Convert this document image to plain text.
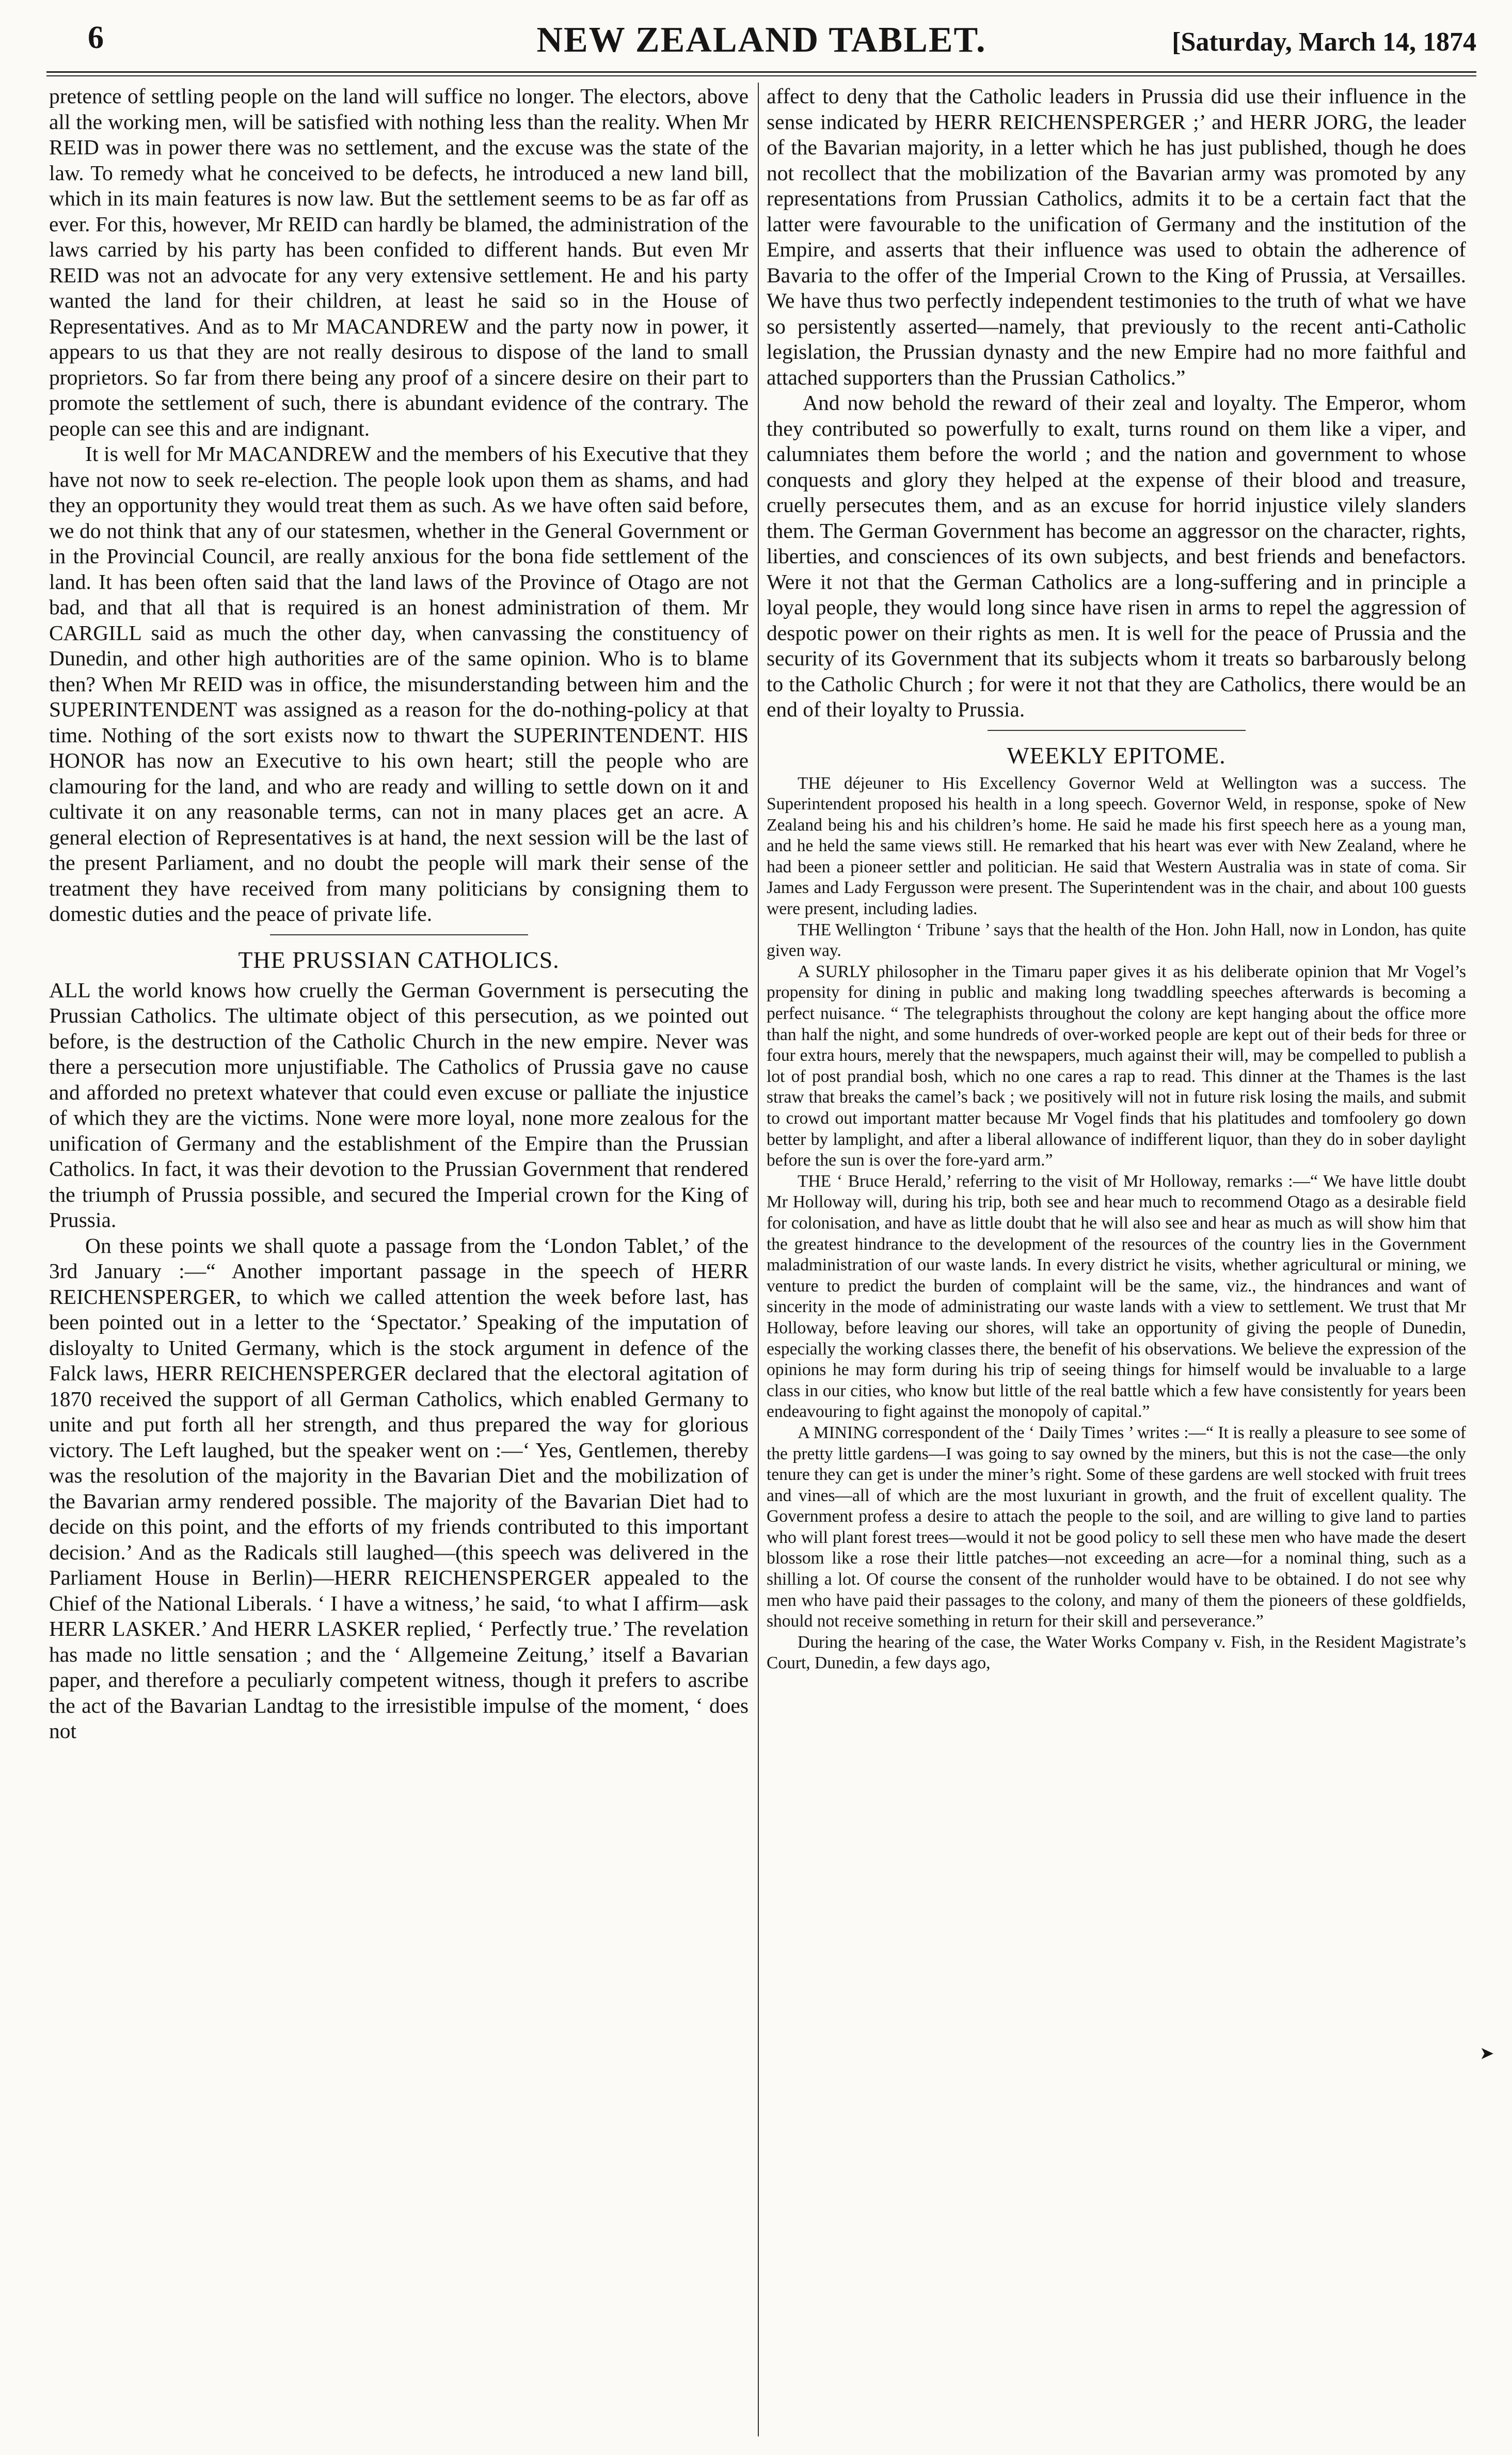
6	NEW ZEALAND TABLET.	[Saturday, March 14, 1874

pretence of settling people on the land will suffice no longer. The electors, above all the working men, will be satisfied with nothing less than the reality. When Mr REID was in power there was no settlement, and the excuse was the state of the law. To remedy what he conceived to be defects, he introduced a new land bill, which in its main features is now law. But the settlement seems to be as far off as ever. For this, however, Mr REID can hardly be blamed, the administration of the laws carried by his party has been confided to different hands. But even Mr REID was not an advocate for any very extensive settlement. He and his party wanted the land for their children, at least he said so in the House of Representatives. And as to Mr MACANDREW and the party now in power, it appears to us that they are not really desirous to dispose of the land to small proprietors. So far from there being any proof of a sincere desire on their part to promote the settlement of such, there is abundant evidence of the contrary. The people can see this and are indignant.

It is well for Mr MACANDREW and the members of his Executive that they have not now to seek re-election. The people look upon them as shams, and had they an opportunity they would treat them as such. As we have often said before, we do not think that any of our statesmen, whether in the General Government or in the Provincial Council, are really anxious for the bona fide settlement of the land. It has been often said that the land laws of the Province of Otago are not bad, and that all that is required is an honest administration of them. Mr CARGILL said as much the other day, when canvassing the constituency of Dunedin, and other high authorities are of the same opinion. Who is to blame then? When Mr REID was in office, the misunderstanding between him and the SUPERINTENDENT was assigned as a reason for the do-nothing-policy at that time. Nothing of the sort exists now to thwart the SUPERINTENDENT. HIS HONOR has now an Executive to his own heart; still the people who are clamouring for the land, and who are ready and willing to settle down on it and cultivate it on any reasonable terms, can not in many places get an acre. A general election of Representatives is at hand, the next session will be the last of the present Parliament, and no doubt the people will mark their sense of the treatment they have received from many politicians by consigning them to domestic duties and the peace of private life.

THE PRUSSIAN CATHOLICS.

ALL the world knows how cruelly the German Government is persecuting the Prussian Catholics. The ultimate object of this persecution, as we pointed out before, is the destruction of the Catholic Church in the new empire. Never was there a persecution more unjustifiable. The Catholics of Prussia gave no cause and afforded no pretext whatever that could even excuse or palliate the injustice of which they are the victims. None were more loyal, none more zealous for the unification of Germany and the establishment of the Empire than the Prussian Catholics. In fact, it was their devotion to the Prussian Government that rendered the triumph of Prussia possible, and secured the Imperial crown for the King of Prussia.

On these points we shall quote a passage from the ‘London Tablet,’ of the 3rd January :—“ Another important passage in the speech of HERR REICHENSPERGER, to which we called attention the week before last, has been pointed out in a letter to the ‘Spectator.’ Speaking of the imputation of disloyalty to United Germany, which is the stock argument in defence of the Falck laws, HERR REICHENSPERGER declared that the electoral agitation of 1870 received the support of all German Catholics, which enabled Germany to unite and put forth all her strength, and thus prepared the way for glorious victory. The Left laughed, but the speaker went on :—‘ Yes, Gentlemen, thereby was the resolution of the majority in the Bavarian Diet and the mobilization of the Bavarian army rendered possible. The majority of the Bavarian Diet had to decide on this point, and the efforts of my friends contributed to this important decision.’ And as the Radicals still laughed—(this speech was delivered in the Parliament House in Berlin)—HERR REICHENSPERGER appealed to the Chief of the National Liberals. ‘ I have a witness,’ he said, ‘to what I affirm—ask HERR LASKER.’ And HERR LASKER replied, ‘ Perfectly true.’ The revelation has made no little sensation ; and the ‘ Allgemeine Zeitung,’ itself a Bavarian paper, and therefore a peculiarly competent witness, though it prefers to ascribe the act of the Bavarian Landtag to the irresistible impulse of the moment, ‘ does not

affect to deny that the Catholic leaders in Prussia did use their influence in the sense indicated by HERR REICHENSPERGER ;’ and HERR JORG, the leader of the Bavarian majority, in a letter which he has just published, though he does not recollect that the mobilization of the Bavarian army was promoted by any representations from Prussian Catholics, admits it to be a certain fact that the latter were favourable to the unification of Germany and the institution of the Empire, and asserts that their influence was used to obtain the adherence of Bavaria to the offer of the Imperial Crown to the King of Prussia, at Versailles. We have thus two perfectly independent testimonies to the truth of what we have so persistently asserted—namely, that previously to the recent anti-Catholic legislation, the Prussian dynasty and the new Empire had no more faithful and attached supporters than the Prussian Catholics.”

And now behold the reward of their zeal and loyalty. The Emperor, whom they contributed so powerfully to exalt, turns round on them like a viper, and calumniates them before the world ; and the nation and government to whose conquests and glory they helped at the expense of their blood and treasure, cruelly persecutes them, and as an excuse for horrid injustice vilely slanders them. The German Government has become an aggressor on the character, rights, liberties, and consciences of its own subjects, and best friends and benefactors. Were it not that the German Catholics are a long-suffering and in principle a loyal people, they would long since have risen in arms to repel the aggression of despotic power on their rights as men. It is well for the peace of Prussia and the security of its Government that its subjects whom it treats so barbarously belong to the Catholic Church ; for were it not that they are Catholics, there would be an end of their loyalty to Prussia.

WEEKLY EPITOME.

THE déjeuner to His Excellency Governor Weld at Wellington was a success. The Superintendent proposed his health in a long speech. Governor Weld, in response, spoke of New Zealand being his and his children’s home. He said he made his first speech here as a young man, and he held the same views still. He remarked that his heart was ever with New Zealand, where he had been a pioneer settler and politician. He said that Western Australia was in state of coma. Sir James and Lady Fergusson were present. The Superintendent was in the chair, and about 100 guests were present, including ladies.

THE Wellington ‘ Tribune ’ says that the health of the Hon. John Hall, now in London, has quite given way.

A SURLY philosopher in the Timaru paper gives it as his deliberate opinion that Mr Vogel’s propensity for dining in public and making long twaddling speeches afterwards is becoming a perfect nuisance. “ The telegraphists throughout the colony are kept hanging about the office more than half the night, and some hundreds of over-worked people are kept out of their beds for three or four extra hours, merely that the newspapers, much against their will, may be compelled to publish a lot of post prandial bosh, which no one cares a rap to read. This dinner at the Thames is the last straw that breaks the camel’s back ; we positively will not in future risk losing the mails, and submit to crowd out important matter because Mr Vogel finds that his platitudes and tomfoolery go down better by lamplight, and after a liberal allowance of indifferent liquor, than they do in sober daylight before the sun is over the fore-yard arm.”

THE ‘ Bruce Herald,’ referring to the visit of Mr Holloway, remarks :—“ We have little doubt Mr Holloway will, during his trip, both see and hear much to recommend Otago as a desirable field for colonisation, and have as little doubt that he will also see and hear as much as will show him that the greatest hindrance to the development of the resources of the country lies in the Government maladministration of our waste lands. In every district he visits, whether agricultural or mining, we venture to predict the burden of complaint will be the same, viz., the hindrances and want of sincerity in the mode of administrating our waste lands with a view to settlement. We trust that Mr Holloway, before leaving our shores, will take an opportunity of giving the people of Dunedin, especially the working classes there, the benefit of his observations. We believe the expression of the opinions he may form during his trip of seeing things for himself would be invaluable to a large class in our cities, who know but little of the real battle which a few have consistently for years been endeavouring to fight against the monopoly of capital.”

A MINING correspondent of the ‘ Daily Times ’ writes :—“ It is really a pleasure to see some of the pretty little gardens—I was going to say owned by the miners, but this is not the case—the only tenure they can get is under the miner’s right. Some of these gardens are well stocked with fruit trees and vines—all of which are the most luxuriant in growth, and the fruit of excellent quality. The Government profess a desire to attach the people to the soil, and are willing to give land to parties who will plant forest trees—would it not be good policy to sell these men who have made the desert blossom like a rose their little patches—not exceeding an acre—for a nominal thing, such as a shilling a lot. Of course the consent of the runholder would have to be obtained. I do not see why men who have paid their passages to the colony, and many of them the pioneers of these goldfields, should not receive something in return for their skill and perseverance.”

During the hearing of the case, the Water Works Company v. Fish, in the Resident Magistrate’s Court, Dunedin, a few days ago,

➤
